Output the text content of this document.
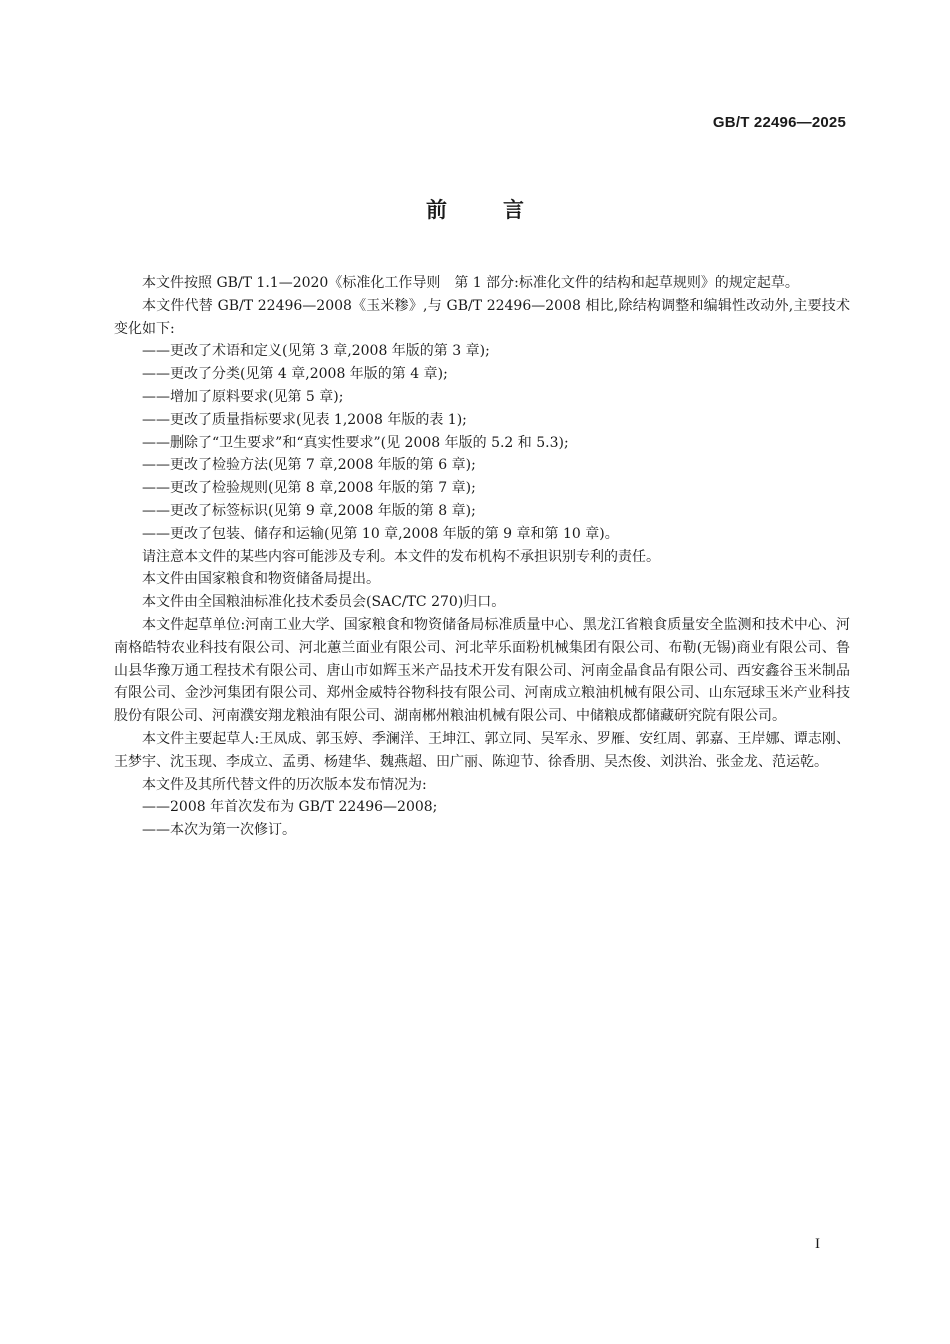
GB/T 22496—2025
前言

本文件按照 GB/T 1.1—2020《标准化工作导则　第 1 部分:标准化文件的结构和起草规则》的规定起草。

本文件代替 GB/T 22496—2008《玉米糁》,与 GB/T 22496—2008 相比,除结构调整和编辑性改动外,主要技术变化如下:

——更改了术语和定义(见第 3 章,2008 年版的第 3 章);

——更改了分类(见第 4 章,2008 年版的第 4 章);

——增加了原料要求(见第 5 章);

——更改了质量指标要求(见表 1,2008 年版的表 1);

——删除了“卫生要求”和“真实性要求”(见 2008 年版的 5.2 和 5.3);

——更改了检验方法(见第 7 章,2008 年版的第 6 章);

——更改了检验规则(见第 8 章,2008 年版的第 7 章);

——更改了标签标识(见第 9 章,2008 年版的第 8 章);

——更改了包装、储存和运输(见第 10 章,2008 年版的第 9 章和第 10 章)。

请注意本文件的某些内容可能涉及专利。本文件的发布机构不承担识别专利的责任。

本文件由国家粮食和物资储备局提出。

本文件由全国粮油标准化技术委员会(SAC/TC 270)归口。

本文件起草单位:河南工业大学、国家粮食和物资储备局标准质量中心、黑龙江省粮食质量安全监测和技术中心、河南格皓特农业科技有限公司、河北蕙兰面业有限公司、河北苹乐面粉机械集团有限公司、布勒(无锡)商业有限公司、鲁山县华豫万通工程技术有限公司、唐山市如辉玉米产品技术开发有限公司、河南金晶食品有限公司、西安鑫谷玉米制品有限公司、金沙河集团有限公司、郑州金威特谷物科技有限公司、河南成立粮油机械有限公司、山东冠球玉米产业科技股份有限公司、河南濮安翔龙粮油有限公司、湖南郴州粮油机械有限公司、中储粮成都储藏研究院有限公司。

本文件主要起草人:王凤成、郭玉婷、季澜洋、王坤江、郭立同、吴军永、罗雁、安红周、郭嘉、王岸娜、谭志刚、王梦宇、沈玉现、李成立、孟勇、杨建华、魏燕超、田广丽、陈迎节、徐香朋、吴杰俊、刘洪治、张金龙、范运乾。

本文件及其所代替文件的历次版本发布情况为:

——2008 年首次发布为 GB/T 22496—2008;

——本次为第一次修订。

I
